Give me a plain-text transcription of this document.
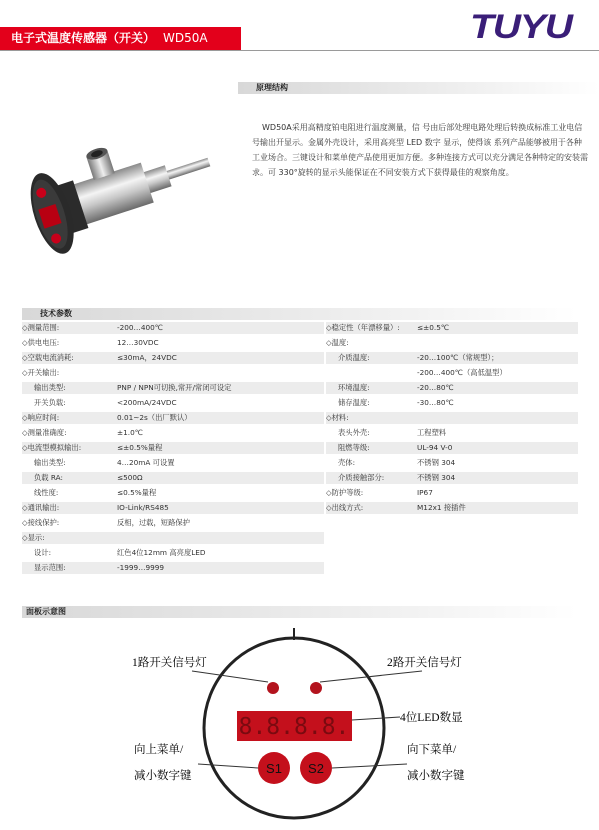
电子式温度传感器（开关） WD50A	TUYU
原理结构
WD50A采用高精度铂电阻进行温度测量，信 号由后部处理电路处理后转换成标准工业电信号输出开显示。金属外壳设计，采用高亮型 LED 数字 显示，使得该 系列产品能够被用于各种工业场合。三键设计和菜单使产品使用更加方便。多种连接方式可以充分满足各种特定的安装需求。可 330°旋转的显示头能保证在不同安装方式下获得最佳的观察角度。
技术参数
◇测量范围:	-200…400℃
◇供电电压:	12…30VDC
◇空载电流消耗:	≤30mA，24VDC
◇开关输出:
输出类型:	PNP / NPN可切换,常开/常闭可设定
开关负载:	<200mA/24VDC
◇响应时间:	0.01~2s（出厂默认）
◇测量准确度:	±1.0℃
◇电流型模拟输出:	≤±0.5%量程
输出类型:	4…20mA 可设置
负载 RA:	≤500Ω
线性度:	≤0.5%量程
◇通讯输出:	IO-Link/RS485
◇接线保护:	反相，过载，短路保护
◇显示:
设计:	红色4位12mm 高亮度LED
显示范围:	-1999…9999
◇稳定性（年漂移量）: ≤±0.5℃
◇温度:
介质温度:	-20…100℃（常规型）；
-200…400℃（高低温型）
环境温度:	-20…80℃
储存温度:	-30…80℃
◇材料:
表头外壳:	工程塑料
阻燃等级:	UL-94 V-0
壳体:	不锈钢 304
介质接触部分:	不锈钢 304
◇防护等级:	IP67
◇出线方式:	M12x1 接插件
面板示意图
8.8.8.8.
S1 S2
1路开关信号灯	2路开关信号灯
4位LED数显
向上菜单/
减小数字键
向下菜单/
减小数字键
